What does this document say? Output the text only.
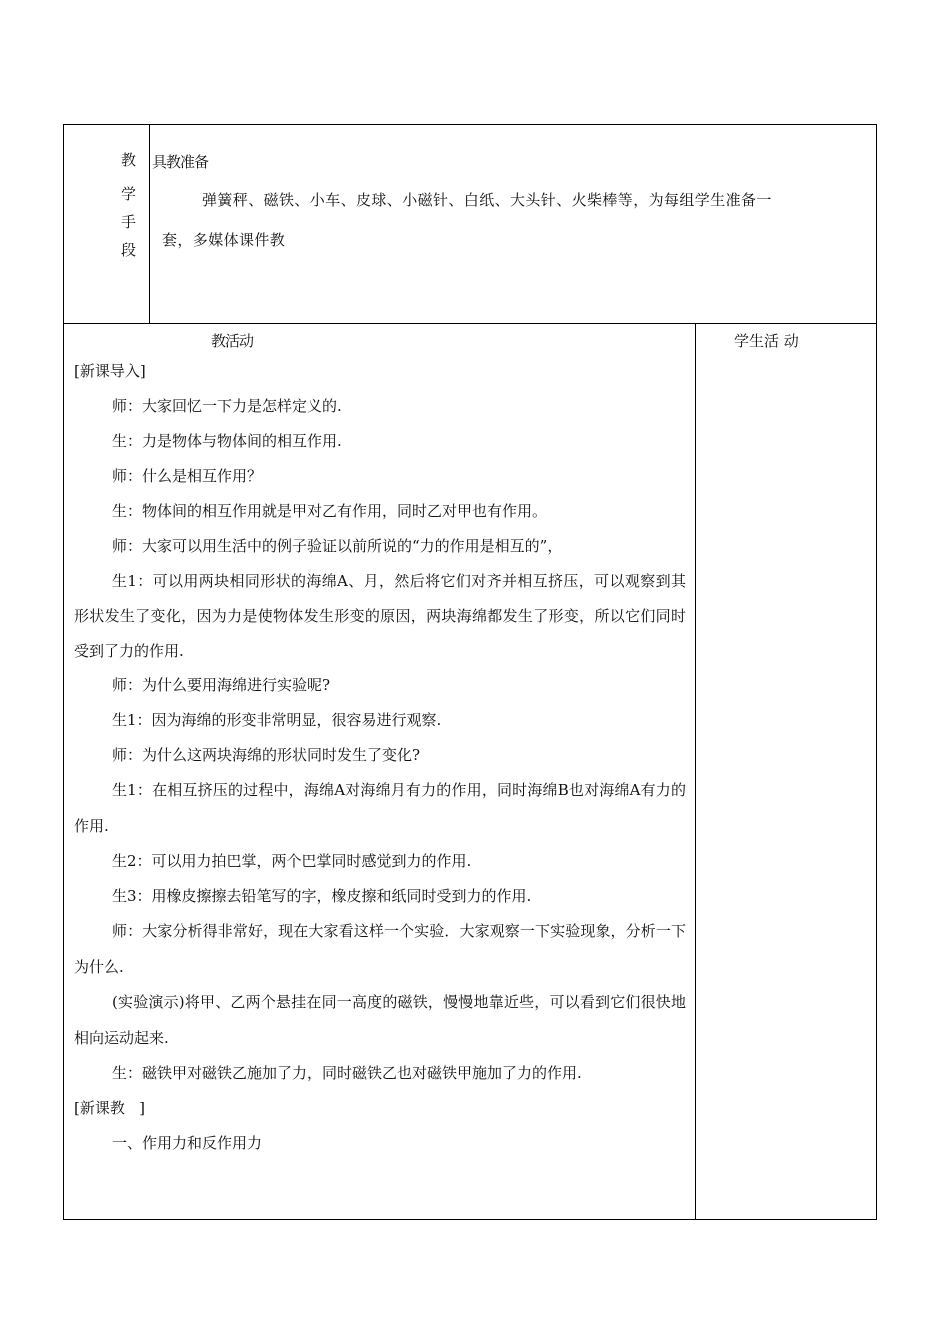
教
学
手
段
具教准备
弹簧秤、磁铁、小车、皮球、小磁针、白纸、大头针、火柴棒等，为每组学生准备一
套，多媒体课件教
教活动	学生活 动

[新课导入]

师：大家回忆一下力是怎样定义的.

生：力是物体与物体间的相互作用.

师：什么是相互作用？

生：物体间的相互作用就是甲对乙有作用，同时乙对甲也有作用。

师：大家可以用生活中的例子验证以前所说的“力的作用是相互的”，

生1：可以用两块相同形状的海绵A、月，然后将它们对齐并相互挤压，可以观察到其形状发生了变化，因为力是使物体发生形变的原因，两块海绵都发生了形变，所以它们同时受到了力的作用.

师：为什么要用海绵进行实验呢?

生1：因为海绵的形变非常明显，很容易进行观察.

师：为什么这两块海绵的形状同时发生了变化?

生1：在相互挤压的过程中，海绵A对海绵月有力的作用，同时海绵B也对海绵A有力的作用.

生2：可以用力拍巴掌，两个巴掌同时感觉到力的作用.

生3：用橡皮擦擦去铅笔写的字，橡皮擦和纸同时受到力的作用.

师：大家分析得非常好，现在大家看这样一个实验．大家观察一下实验现象，分析一下为什么.

(实验演示)将甲、乙两个悬挂在同一高度的磁铁，慢慢地靠近些，可以看到它们很快地相向运动起来.

生：磁铁甲对磁铁乙施加了力，同时磁铁乙也对磁铁甲施加了力的作用.

[新课教   ]

一、作用力和反作用力
